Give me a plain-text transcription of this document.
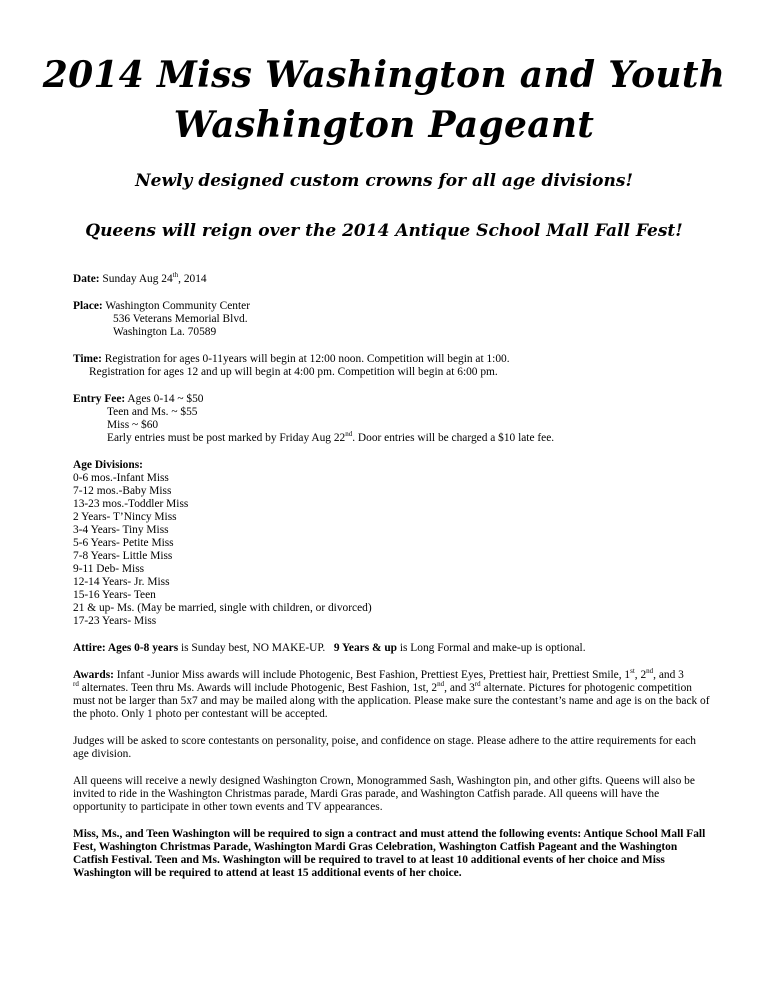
2014 Miss Washington and Youth
Washington Pageant
Newly designed custom crowns for all age divisions!
Queens will reign over the 2014 Antique School Mall Fall Fest!
Date: Sunday Aug 24th, 2014
Place: Washington Community Center
536 Veterans Memorial Blvd.
Washington La. 70589
Time: Registration for ages 0-11years will begin at 12:00 noon. Competition will begin at 1:00.
Registration for ages 12 and up will begin at 4:00 pm. Competition will begin at 6:00 pm.
Entry Fee: Ages 0-14 ~ $50
Teen and Ms. ~ $55
Miss ~ $60
Early entries must be post marked by Friday Aug 22nd. Door entries will be charged a $10 late fee.
Age Divisions:
0-6 mos.-Infant Miss
7-12 mos.-Baby Miss
13-23 mos.-Toddler Miss
2 Years- T’Nincy Miss
3-4 Years- Tiny Miss
5-6 Years- Petite Miss
7-8 Years- Little Miss
9-11 Deb- Miss
12-14 Years- Jr. Miss
15-16 Years- Teen
21 & up- Ms. (May be married, single with children, or divorced)
17-23 Years- Miss
Attire: Ages 0-8 years is Sunday best, NO MAKE-UP.   9 Years & up is Long Formal and make-up is optional.
Awards: Infant -Junior Miss awards will include Photogenic, Best Fashion, Prettiest Eyes, Prettiest hair, Prettiest Smile, 1st, 2nd, and 3
$^{rd}$ alternates. Teen thru Ms. Awards will include Photogenic, Best Fashion, 1st, 2nd, and 3rd alternate. Pictures for photogenic competition must not be larger than 5x7 and may be mailed along with the application. Please make sure the contestant’s name and age is on the back of the photo. Only 1 photo per contestant will be accepted.
Judges will be asked to score contestants on personality, poise, and confidence on stage. Please adhere to the attire requirements for each age division.
All queens will receive a newly designed Washington Crown, Monogrammed Sash, Washington pin, and other gifts. Queens will also be invited to ride in the Washington Christmas parade, Mardi Gras parade, and Washington Catfish parade. All queens will have the opportunity to participate in other town events and TV appearances.
Miss, Ms., and Teen Washington will be required to sign a contract and must attend the following events: Antique School Mall Fall Fest, Washington Christmas Parade, Washington Mardi Gras Celebration, Washington Catfish Pageant and the Washington Catfish Festival. Teen and Ms. Washington will be required to travel to at least 10 additional events of her choice and Miss Washington will be required to attend at least 15 additional events of her choice.
